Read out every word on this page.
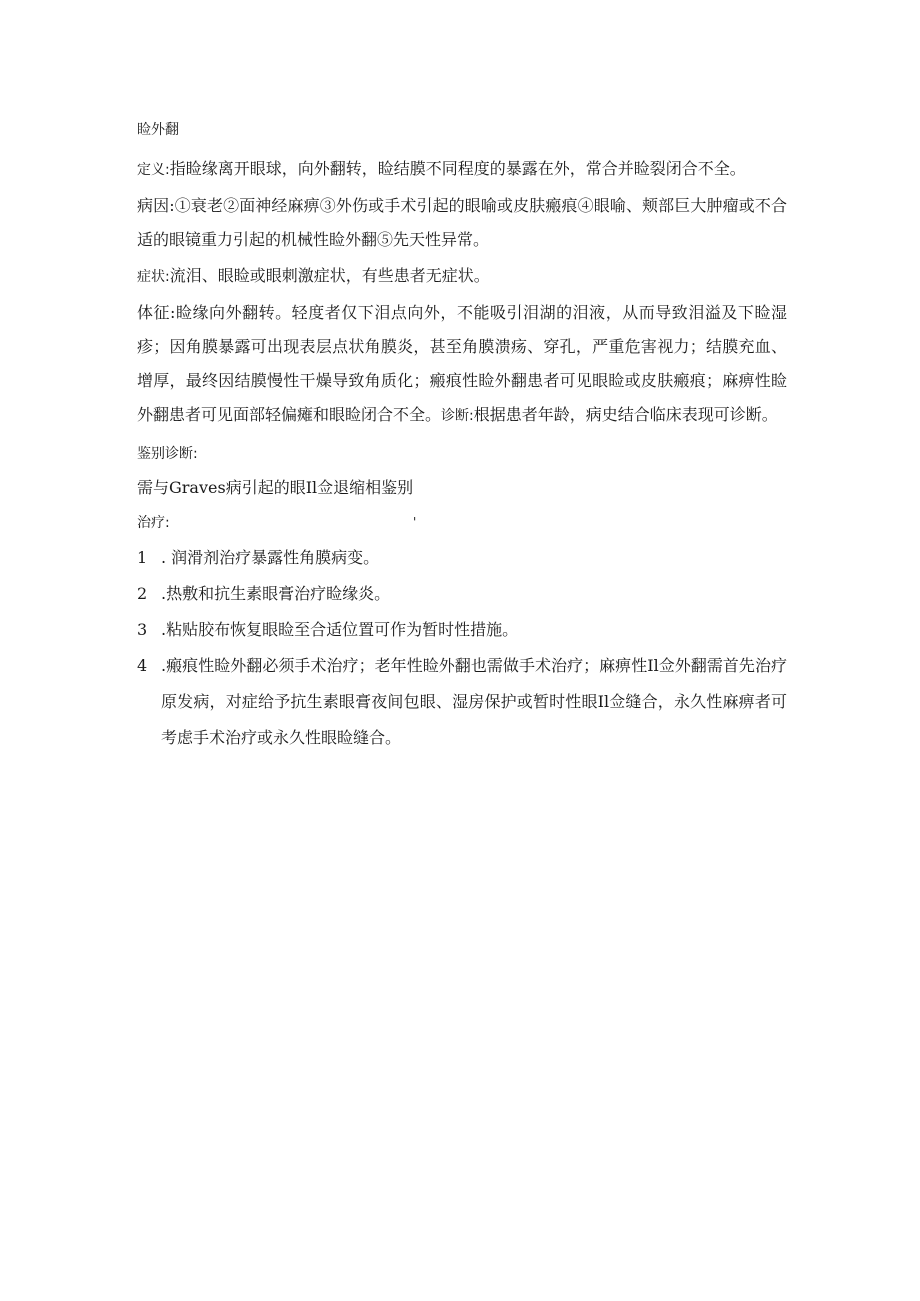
睑外翻

定义:指睑缘离开眼球，向外翻转，睑结膜不同程度的暴露在外，常合并睑裂闭合不全。

病因:①衰老②面神经麻痹③外伤或手术引起的眼喻或皮肤瘢痕④眼喻、颊部巨大肿瘤或不合适的眼镜重力引起的机械性睑外翻⑤先天性异常。

症状:流泪、眼睑或眼刺激症状，有些患者无症状。

体征:睑缘向外翻转。轻度者仅下泪点向外，不能吸引泪湖的泪液，从而导致泪溢及下睑湿疹；因角膜暴露可出现表层点状角膜炎，甚至角膜溃疡、穿孔，严重危害视力；结膜充血、增厚，最终因结膜慢性干燥导致角质化；瘢痕性睑外翻患者可见眼睑或皮肤瘢痕；麻痹性睑外翻患者可见面部轻偏瘫和眼睑闭合不全。诊断:根据患者年龄，病史结合临床表现可诊断。

鉴别诊断:

需与Graves病引起的眼Il佥退缩相鉴别

治疗:	'
1 . 润滑剂治疗暴露性角膜病变。
2 .热敷和抗生素眼膏治疗睑缘炎。
3 .粘贴胶布恢复眼睑至合适位置可作为暂时性措施。
4 .瘢痕性睑外翻必须手术治疗；老年性睑外翻也需做手术治疗；麻痹性Il佥外翻需首先治疗原发病，对症给予抗生素眼膏夜间包眼、湿房保护或暂时性眼Il佥缝合，永久性麻痹者可考虑手术治疗或永久性眼睑缝合。
